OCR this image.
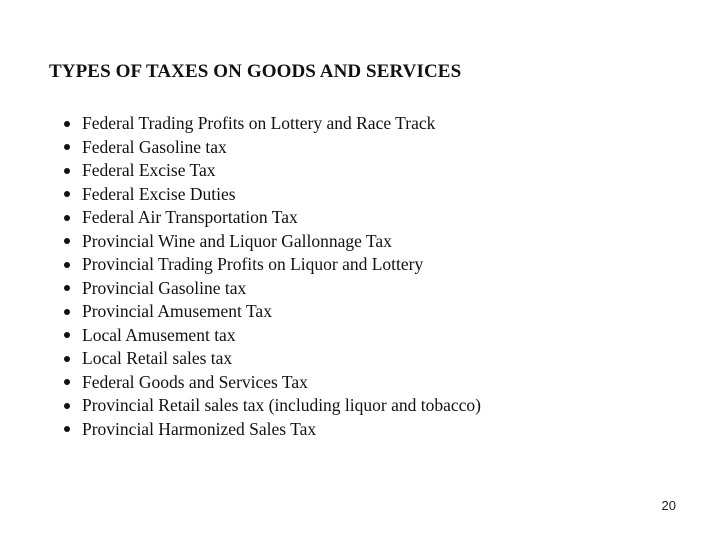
TYPES OF TAXES ON GOODS AND SERVICES
Federal Trading Profits on Lottery and Race Track
Federal Gasoline tax
Federal Excise Tax
Federal Excise Duties
Federal Air Transportation Tax
Provincial Wine and Liquor Gallonnage Tax
Provincial Trading Profits on Liquor and Lottery
Provincial Gasoline tax
Provincial Amusement Tax
Local Amusement tax
Local Retail sales tax
Federal Goods and Services Tax
Provincial Retail sales tax (including liquor and tobacco)
Provincial Harmonized Sales Tax
20
